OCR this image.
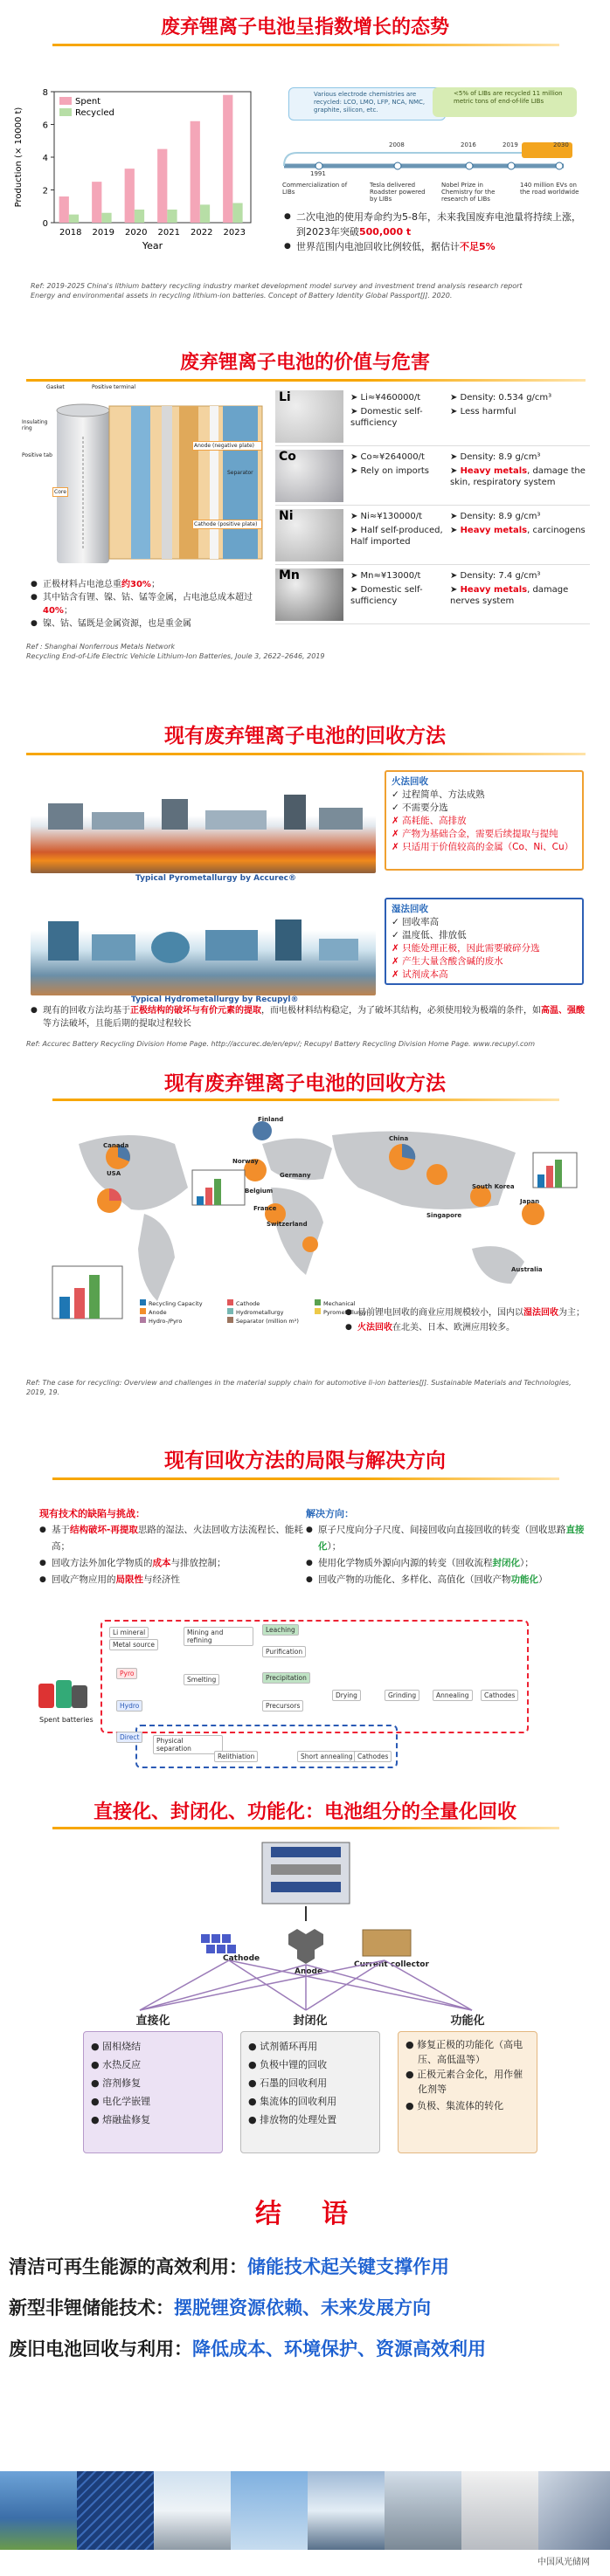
废弃锂离子电池呈指数增长的态势
0
2
4
6
8
2018 2019 2020 2021 2022 2023
Year
Production (× 10000 t)
Spent
Recycled
Various electrode chemistries are recycled: LCO, LMO, LFP, NCA, NMC, graphite, silicon, etc.
<5% of LIBs are recycled 11 million metric tons of end-of-life LIBs
1991
2008	2016	2019	2030
Commercialization of LIBs
Tesla delivered Roadster powered by LIBs
Nobel Prize in Chemistry for the research of LIBs
140 million EVs on the road worldwide
● 二次电池的使用寿命约为5-8年，未来我国废弃电池量将持续上涨，到2023年突破500,000 t
● 世界范围内电池回收比例较低，据估计不足5%
Ref: 2019-2025 China's lithium battery recycling industry market development model survey and investment trend analysis research report
Energy and environmental assets in recycling lithium-ion batteries. Concept of Battery Identity Global Passport[J]. 2020.
废弃锂离子电池的价值与危害
Gasket	Positive terminal
Insulating ring
Anode (negative plate)
Separator
Positive tab
Core
Cathode (positive plate)
● 正极材料占电池总重约30%；
● 其中钴含有锂、镍、钴、锰等金属，占电池总成本超过40%；
● 镍、钴、锰既是金属资源，也是重金属
Li	➤ Li≈¥460000/t
➤ Domestic self-sufficiency
➤ Density: 0.534 g/cm³
➤ Less harmful
Co	➤ Co≈¥264000/t
➤ Rely on imports
➤ Density: 8.9 g/cm³
➤ Heavy metals, damage the skin, respiratory system
Ni	➤ Ni≈¥130000/t
➤ Half self-produced, Half imported
➤ Density: 8.9 g/cm³
➤ Heavy metals, carcinogens
Mn	➤ Mn≈¥13000/t
➤ Domestic self-sufficiency
➤ Density: 7.4 g/cm³
➤ Heavy metals, damage nerves system
Ref : Shanghai Nonferrous Metals Network
Recycling End-of-Life Electric Vehicle Lithium-Ion Batteries, Joule 3, 2622–2646, 2019
现有废弃锂离子电池的回收方法
Typical Pyrometallurgy by Accurec®
Typical Hydrometallurgy by Recupyl®
火法回收
✓ 过程简单、方法成熟
✓ 不需要分选
✗ 高耗能、高排放
✗ 产物为基础合金，需要后续提取与提纯
✗ 只适用于价值较高的金属（Co、Ni、Cu）
湿法回收
✓ 回收率高
✓ 温度低、排放低
✗ 只能处理正极，因此需要破碎分选
✗ 产生大量含酸含碱的废水
✗ 试剂成本高
● 现有的回收方法均基于正极结构的破坏与有价元素的提取，而电极材料结构稳定，为了破坏其结构，必须使用较为极端的条件，如高温、强酸等方法破坏，且能后期的提取过程较长
Ref: Accurec Battery Recycling Division Home Page. http://accurec.de/en/epv/; Recupyl Battery Recycling Division Home Page. www.recupyl.com
现有废弃锂离子电池的回收方法
USA
Canada
Finland
Norway
Germany
Belgium
France
Switzerland
China
South Korea
Japan
Australia
Singapore
Recycling Capacity	Cathode	Mechanical
Anode	Hydrometallurgy	Pyrometallurgy
Hydro-/Pyro	Separator (million m²)
● 目前锂电回收的商业应用规模较小，国内以湿法回收为主；
● 火法回收在北美、日本、欧洲应用较多。
Ref: The case for recycling: Overview and challenges in the material supply chain for automotive li-ion batteries[J]. Sustainable Materials and Technologies, 2019, 19.
现有回收方法的局限与解决方向
现有技术的缺陷与挑战：
● 基于结构破坏-再提取思路的湿法、火法回收方法流程长、能耗高；
● 回收方法外加化学物质的成本与排放控制；
● 回收产物应用的局限性与经济性
解决方向：
● 原子尺度向分子尺度、间接回收向直接回收的转变（回收思路直接化）；
● 使用化学物质外源向内源的转变（回收流程封闭化）；
● 回收产物的功能化、多样化、高值化（回收产物功能化）
Li mineral
Metal source
Mining and refining
Leaching
Purification
Precursors
Precipitation
Drying	Grinding	Annealing	Cathodes
Pyro
Smelting
Hydro
Direct	Physical separation
Relithiation	Short annealing Cathodes
Spent batteries
直接化、封闭化、功能化：电池组分的全量化回收
Cathode
Anode
Current collector
直接化
● 固相烧结
● 水热反应
● 溶剂修复
● 电化学嵌锂
● 熔融盐修复
封闭化
● 试剂循环再用
● 负极中锂的回收
● 石墨的回收利用
● 集流体的回收利用
● 排放物的处理处置
功能化
● 修复正极的功能化（高电压、高低温等）
● 正极元素合金化，用作催化剂等
● 负极、集流体的转化
结　语
清洁可再生能源的高效利用：储能技术起关键支撑作用
新型非锂储能技术：摆脱锂资源依赖、未来发展方向
废旧电池回收与利用：降低成本、环境保护、资源高效利用
中国风光储网
